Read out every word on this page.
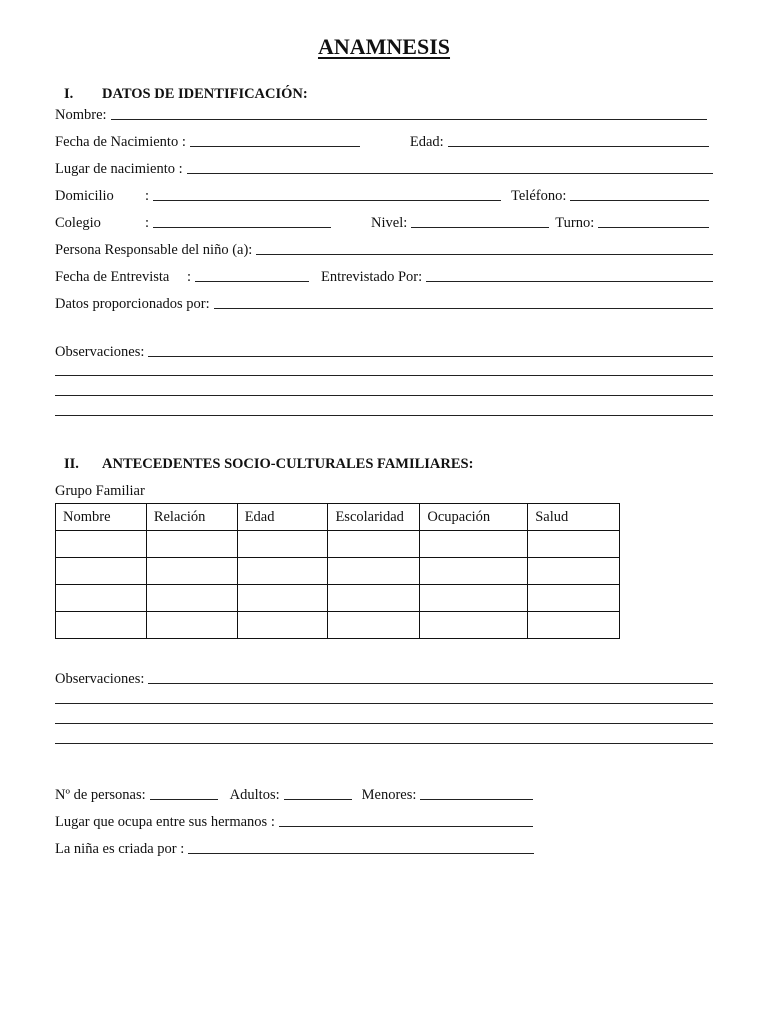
ANAMNESIS
I. DATOS DE IDENTIFICACIÓN:
Nombre:
Fecha de Nacimiento :	Edad:
Lugar de nacimiento :
Domicilio	:	Teléfono:
Colegio	:	Nivel:	Turno:
Persona Responsable del niño (a):
Fecha de Entrevista	:	Entrevistado Por:
Datos proporcionados por:
Observaciones:
II. ANTECEDENTES SOCIO-CULTURALES FAMILIARES:
Grupo Familiar
Nombre	Relación	Edad	Escolaridad	Ocupación	Salud

Observaciones:
Nº de personas:	Adultos:	Menores:
Lugar que ocupa entre sus hermanos :
La niña es criada por :
